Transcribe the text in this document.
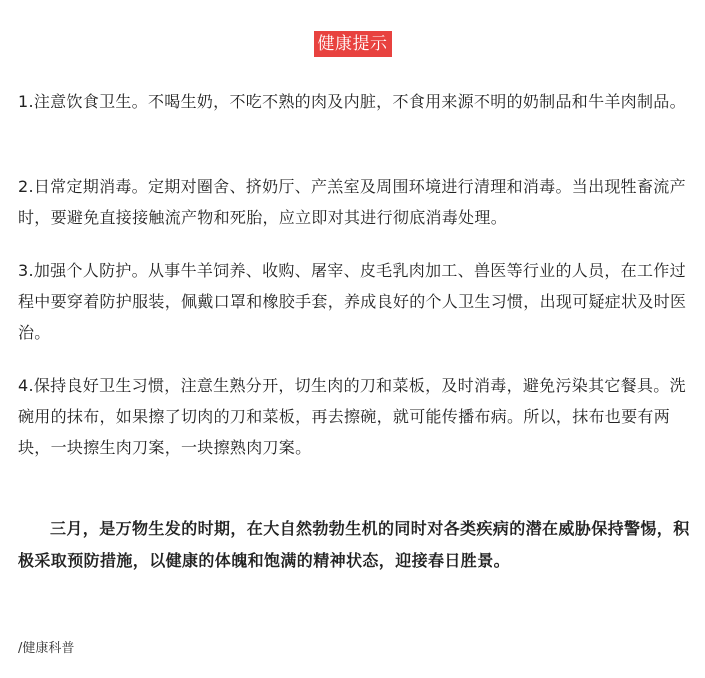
健康提示

1.注意饮食卫生。不喝生奶，不吃不熟的肉及内脏，不食用来源不明的奶制品和牛羊肉制品。

2.日常定期消毒。定期对圈舍、挤奶厅、产羔室及周围环境进行清理和消毒。当出现牲畜流产时，要避免直接接触流产物和死胎，应立即对其进行彻底消毒处理。

3.加强个人防护。从事牛羊饲养、收购、屠宰、皮毛乳肉加工、兽医等行业的人员，在工作过程中要穿着防护服装，佩戴口罩和橡胶手套，养成良好的个人卫生习惯，出现可疑症状及时医治。

4.保持良好卫生习惯，注意生熟分开，切生肉的刀和菜板，及时消毒，避免污染其它餐具。洗碗用的抹布，如果擦了切肉的刀和菜板，再去擦碗，就可能传播布病。所以，抹布也要有两块，一块擦生肉刀案，一块擦熟肉刀案。

三月，是万物生发的时期，在大自然勃勃生机的同时对各类疾病的潜在威胁保持警惕，积极采取预防措施，以健康的体魄和饱满的精神状态，迎接春日胜景。

/健康科普
